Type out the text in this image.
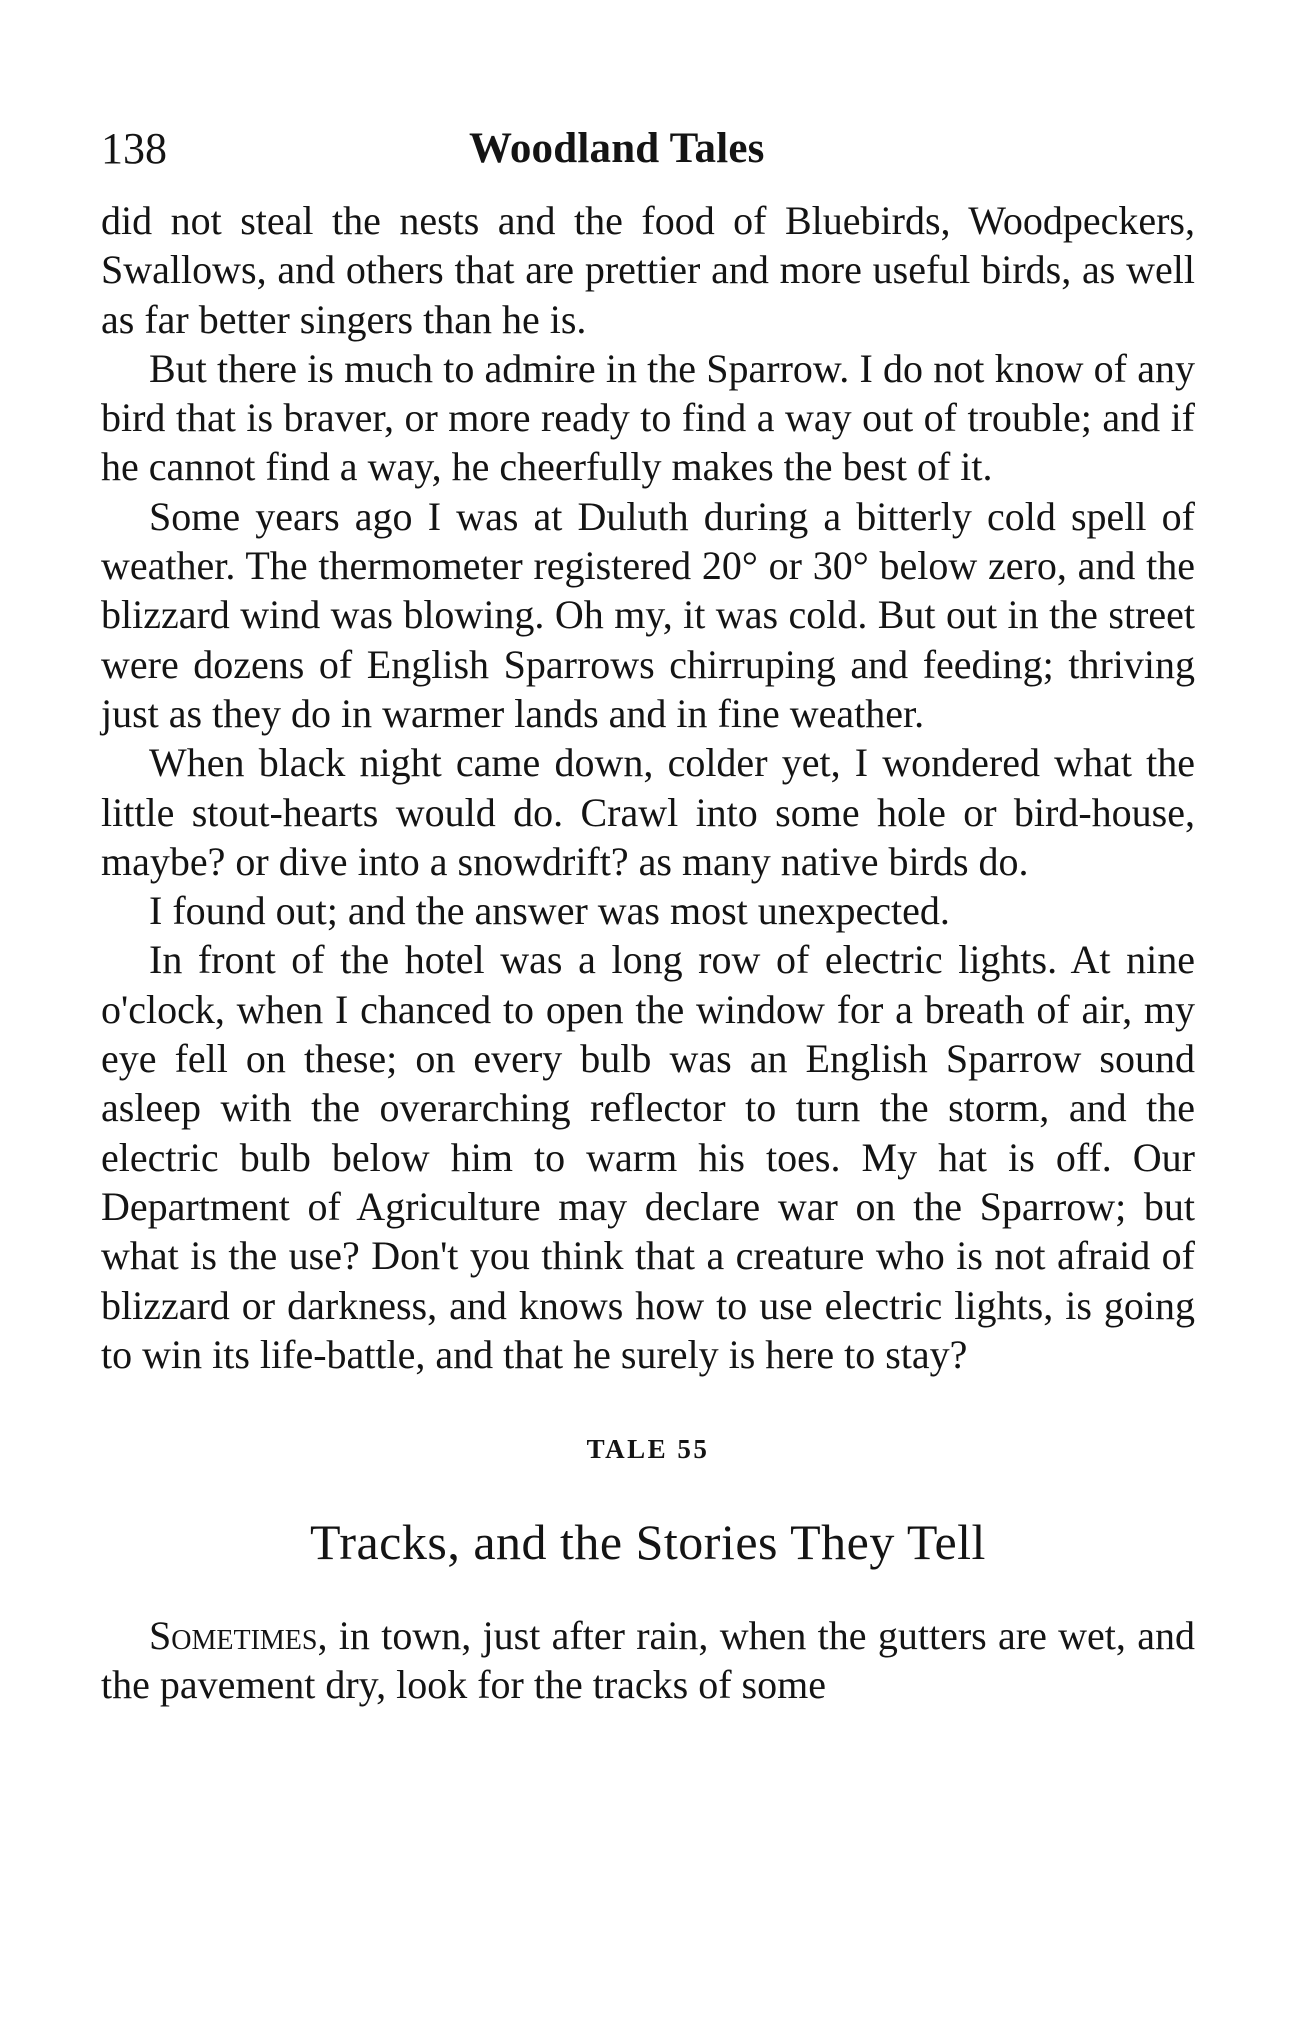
138	Woodland Tales

did not steal the nests and the food of Bluebirds, Woodpeckers, Swallows, and others that are prettier and more useful birds, as well as far better singers than he is.

But there is much to admire in the Sparrow. I do not know of any bird that is braver, or more ready to find a way out of trouble; and if he cannot find a way, he cheerfully makes the best of it.

Some years ago I was at Duluth during a bitterly cold spell of weather. The thermometer registered 20° or 30° below zero, and the blizzard wind was blowing. Oh my, it was cold. But out in the street were dozens of English Sparrows chirruping and feeding; thriving just as they do in warmer lands and in fine weather.

When black night came down, colder yet, I wondered what the little stout-hearts would do. Crawl into some hole or bird-house, maybe? or dive into a snowdrift? as many native birds do.

I found out; and the answer was most unexpected.

In front of the hotel was a long row of electric lights. At nine o'clock, when I chanced to open the window for a breath of air, my eye fell on these; on every bulb was an English Sparrow sound asleep with the overarching reflector to turn the storm, and the electric bulb below him to warm his toes. My hat is off. Our Department of Agriculture may declare war on the Sparrow; but what is the use? Don't you think that a creature who is not afraid of blizzard or darkness, and knows how to use electric lights, is going to win its life-battle, and that he surely is here to stay?

TALE 55
Tracks, and the Stories They Tell

Sometimes, in town, just after rain, when the gutters are wet, and the pavement dry, look for the tracks of some
